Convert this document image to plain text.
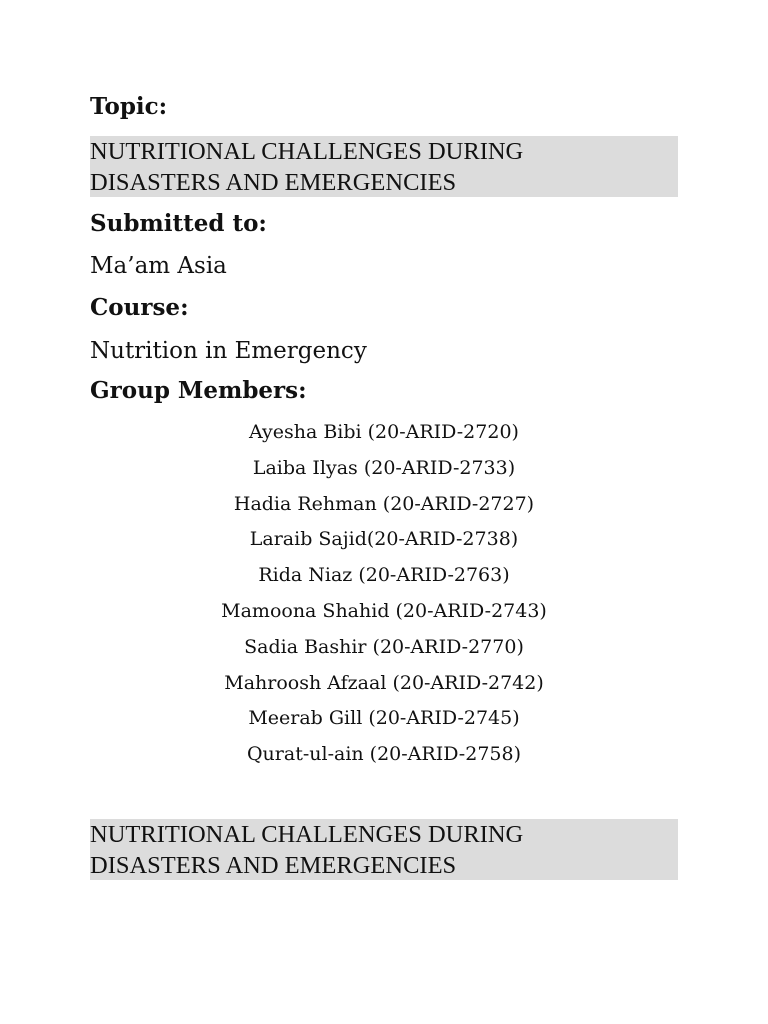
Topic:
NUTRITIONAL CHALLENGES DURING
DISASTERS AND EMERGENCIES
Submitted to:
Ma’am Asia
Course:
Nutrition in Emergency
Group Members:
Ayesha Bibi (20-ARID-2720)
Laiba Ilyas (20-ARID-2733)
Hadia Rehman (20-ARID-2727)
Laraib Sajid(20-ARID-2738)
Rida Niaz (20-ARID-2763)
Mamoona Shahid (20-ARID-2743)
Sadia Bashir (20-ARID-2770)
Mahroosh Afzaal (20-ARID-2742)
Meerab Gill (20-ARID-2745)
Qurat-ul-ain (20-ARID-2758)
NUTRITIONAL CHALLENGES DURING
DISASTERS AND EMERGENCIES
